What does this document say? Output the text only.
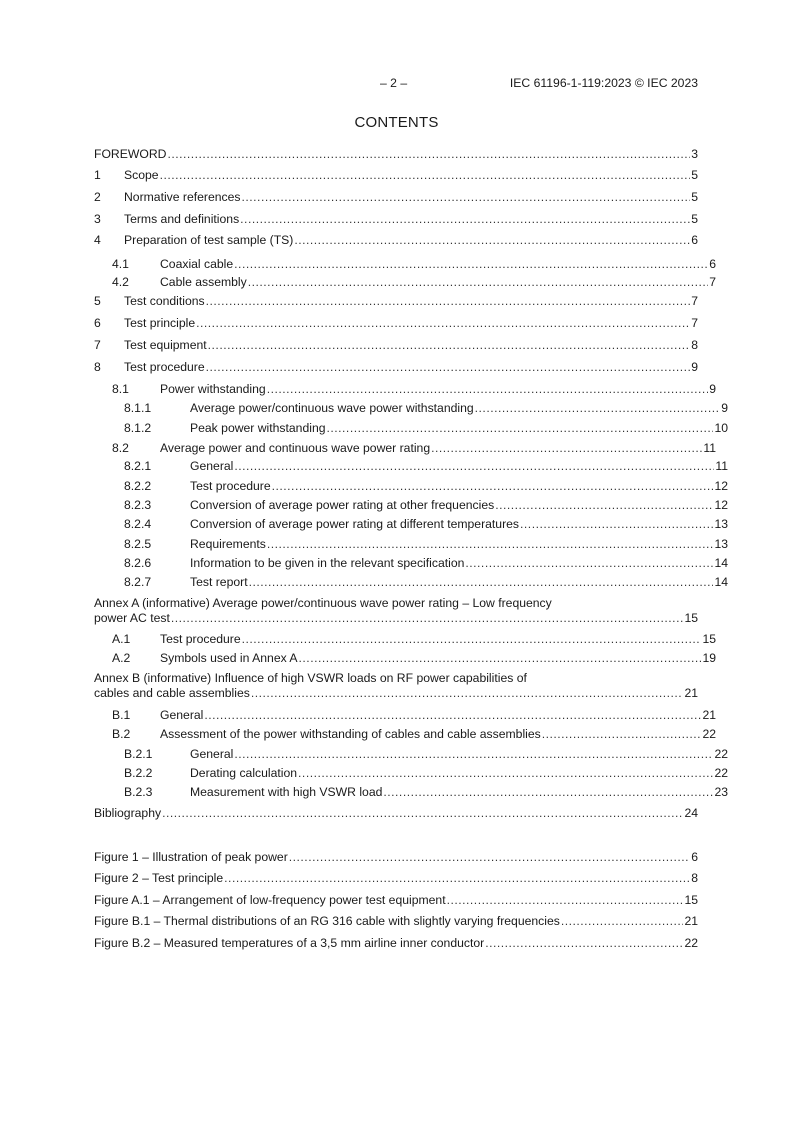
– 2 –	IEC 61196-1-119:2023 © IEC 2023
CONTENTS
FOREWORD .....	3
1	Scope .....	5
2	Normative references .....	5
3	Terms and definitions .....	5
4	Preparation of test sample (TS) .....	6
4.1	Coaxial cable .....	6
4.2	Cable assembly .....	7
5	Test conditions .....	7
6	Test principle .....	7
7	Test equipment .....	8
8	Test procedure .....	9
8.1	Power withstanding .....	9
8.1.1	Average power/continuous wave power withstanding .....	9
8.1.2	Peak power withstanding .....	10
8.2	Average power and continuous wave power rating .....	11
8.2.1	General .....	11
8.2.2	Test procedure .....	12
8.2.3	Conversion of average power rating at other frequencies .....	12
8.2.4	Conversion of average power rating at different temperatures .....	13
8.2.5	Requirements .....	13
8.2.6	Information to be given in the relevant specification .....	14
8.2.7	Test report .....	14
Annex A (informative) Average power/continuous wave power rating – Low frequency
power AC test .....	15
A.1	Test procedure .....	15
A.2	Symbols used in Annex A .....	19
Annex B (informative) Influence of high VSWR loads on RF power capabilities of
cables and cable assemblies .....	21
B.1	General .....	21
B.2	Assessment of the power withstanding of cables and cable assemblies .....	22
B.2.1	General .....	22
B.2.2	Derating calculation .....	22
B.2.3	Measurement with high VSWR load .....	23
Bibliography .....	24
Figure 1 – Illustration of peak power .....	6
Figure 2 – Test principle .....	8
Figure A.1 – Arrangement of low-frequency power test equipment .....	15
Figure B.1 – Thermal distributions of an RG 316 cable with slightly varying frequencies .....	21
Figure B.2 – Measured temperatures of a 3,5 mm airline inner conductor .....	22
